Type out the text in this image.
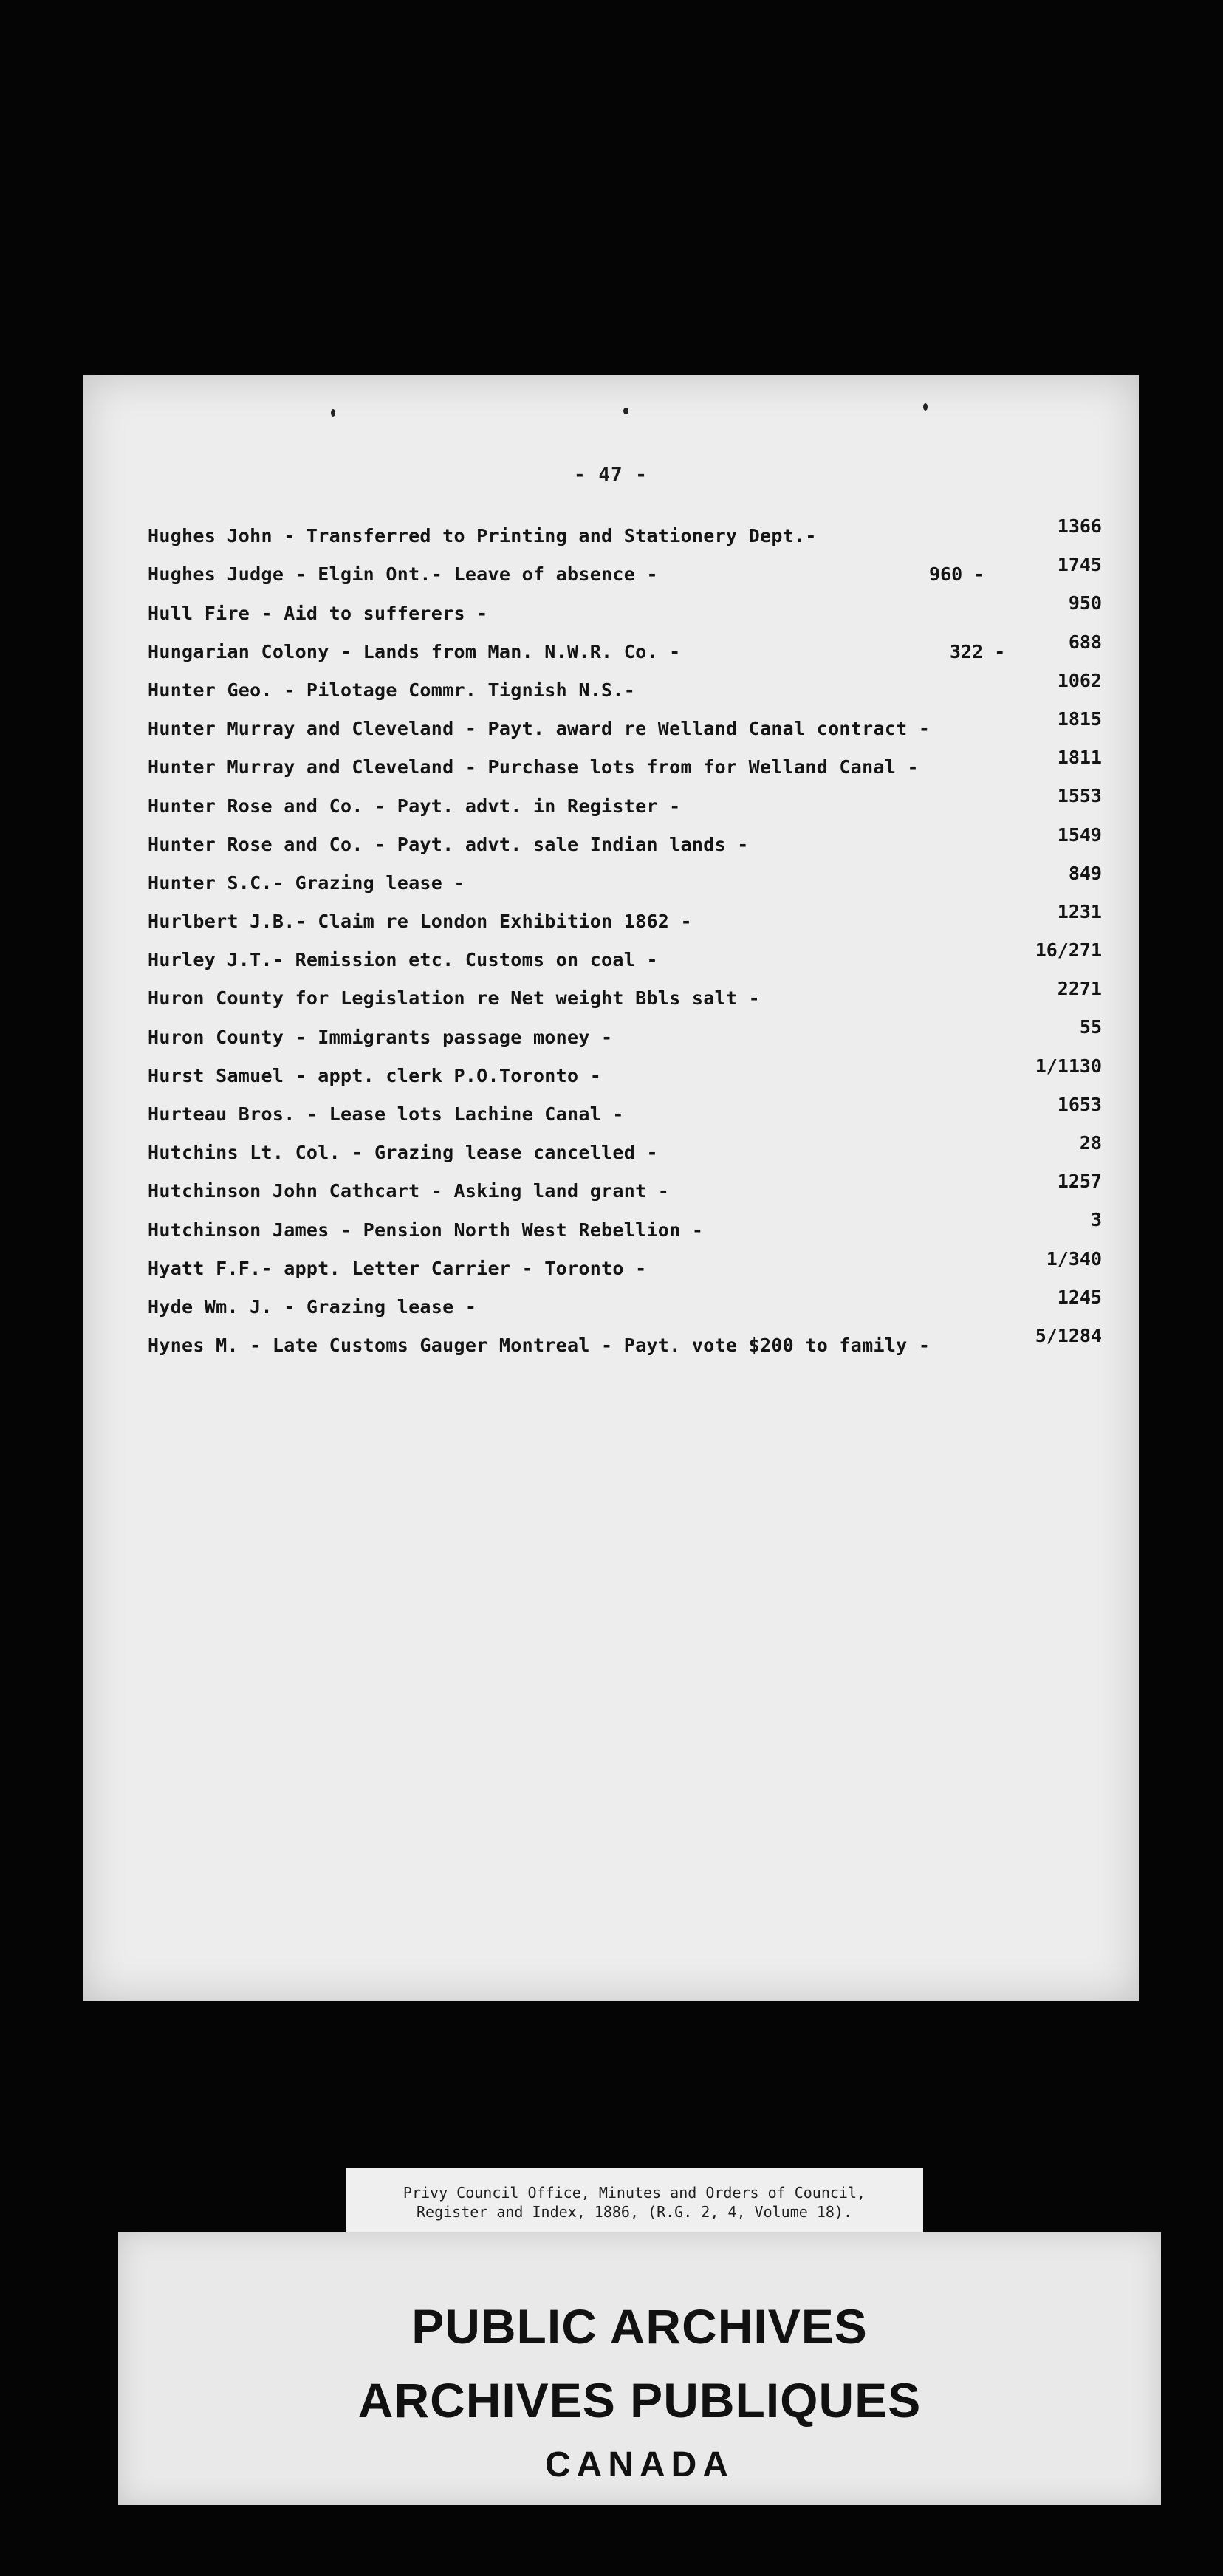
- 47 -
Hughes John - Transferred to Printing and Stationery Dept.-	1366
Hughes Judge - Elgin Ont.- Leave of absence -	960 -	1745
Hull Fire - Aid to sufferers -	950
Hungarian Colony - Lands from Man. N.W.R. Co. -	322 -	688
Hunter Geo. - Pilotage Commr. Tignish N.S.-	1062
Hunter Murray and Cleveland - Payt. award re Welland Canal contract -	1815
Hunter Murray and Cleveland - Purchase lots from for Welland Canal -	1811
Hunter Rose and Co. - Payt. advt. in Register -	1553
Hunter Rose and Co. - Payt. advt. sale Indian lands -	1549
Hunter S.C.- Grazing lease -	849
Hurlbert J.B.- Claim re London Exhibition 1862 -	1231
Hurley J.T.- Remission etc. Customs on coal -	16/271
Huron County for Legislation re Net weight Bbls salt -	2271
Huron County - Immigrants passage money -	55
Hurst Samuel - appt. clerk P.O.Toronto -	1/1130
Hurteau Bros. - Lease lots Lachine Canal -	1653
Hutchins Lt. Col. - Grazing lease cancelled -	28
Hutchinson John Cathcart - Asking land grant -	1257
Hutchinson James - Pension North West Rebellion -	3
Hyatt F.F.- appt. Letter Carrier - Toronto -	1/340
Hyde Wm. J. - Grazing lease -	1245
Hynes M. - Late Customs Gauger Montreal - Payt. vote $200 to family -	5/1284
Privy Council Office, Minutes and Orders of Council,
Register and Index, 1886, (R.G. 2, 4, Volume 18).
PUBLIC ARCHIVES
ARCHIVES PUBLIQUES
CANADA
